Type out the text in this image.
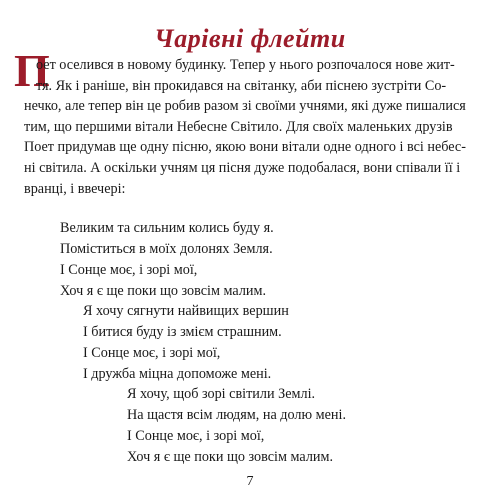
Чарівні флейти
П
оет оселився в новому будинку. Тепер у нього розпочалося нове жит-
тя. Як і раніше, він прокидався на світанку, аби піснею зустріти Со-
нечко, але тепер він це робив разом зі своїми учнями, які дуже пишалися
тим, що першими вітали Небесне Світило. Для своїх маленьких друзів
Поет придумав ще одну пісню, якою вони вітали одне одного і всі небес-
ні світила. А оскільки учням ця пісня дуже подобалася, вони співали її і
вранці, і ввечері:
Великим та сильним колись буду я.
Поміститься в моїх долонях Земля.
І Сонце моє, і зорі мої,
Хоч я є ще поки що зовсім малим.
Я хочу сягнути найвищих вершин
І битися буду із змієм страшним.
І Сонце моє, і зорі мої,
І дружба міцна допоможе мені.
Я хочу, щоб зорі світили Землі.
На щастя всім людям, на долю мені.
І Сонце моє, і зорі мої,
Хоч я є ще поки що зовсім малим.
7
